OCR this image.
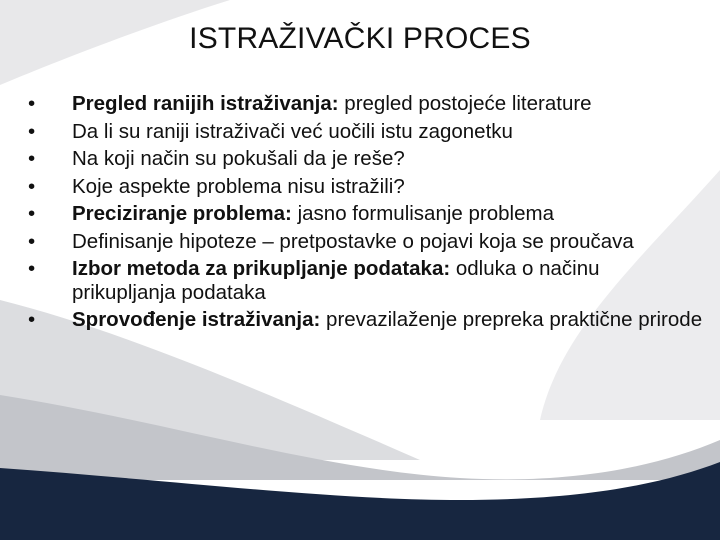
ISTRAŽIVAČKI PROCES
•	Pregled ranijih istraživanja: pregled postojeće literature
•	Da li su raniji istraživači već uočili istu zagonetku
•	Na koji način su pokušali da je reše?
•	Koje aspekte problema nisu istražili?
•	Preciziranje problema: jasno formulisanje problema
•	Definisanje hipoteze – pretpostavke o pojavi koja se proučava
•	Izbor metoda za prikupljanje podataka: odluka o načinu prikupljanja podataka
•	Sprovođenje istraživanja: prevazilaženje prepreka praktične prirode
